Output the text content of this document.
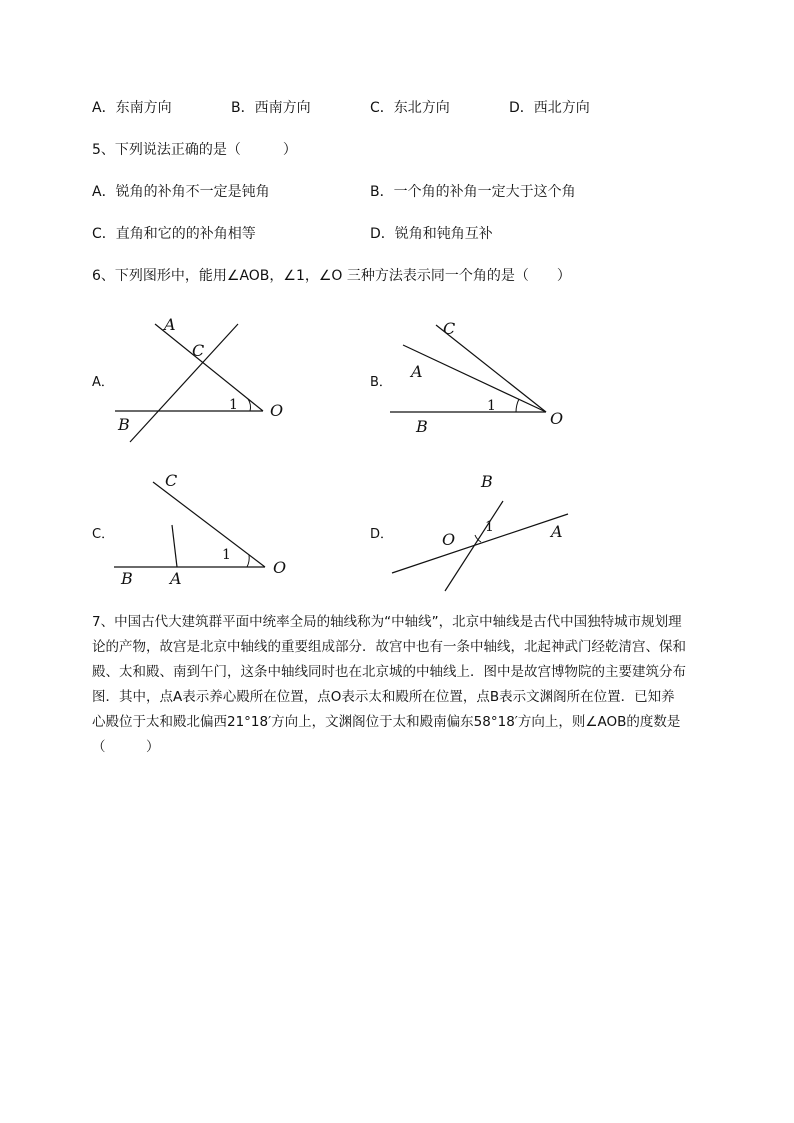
A．东南方向	B．西南方向	C．东北方向	D．西北方向
5、下列说法正确的是（　　　）
A．锐角的补角不一定是钝角	B．一个角的补角一定大于这个角
C．直角和它的的补角相等	D．锐角和钝角互补
6、下列图形中，能用∠AOB，∠1，∠O 三种方法表示同一个角的是（　　）
A．
A
C
B
O
1
B．
C
A
B	O
1
C．
C
B A
O
1
D．
B
O	A
1
7、中国古代大建筑群平面中统率全局的轴线称为“中轴线”，北京中轴线是古代中国独特城市规划理
论的产物，故宫是北京中轴线的重要组成部分．故宫中也有一条中轴线，北起神武门经乾清宫、保和
殿、太和殿、南到午门，这条中轴线同时也在北京城的中轴线上．图中是故宫博物院的主要建筑分布
图．其中，点A表示养心殿所在位置，点O表示太和殿所在位置，点B表示文渊阁所在位置．已知养
心殿位于太和殿北偏西21°18′方向上，文渊阁位于太和殿南偏东58°18′方向上，则∠AOB的度数是
（　　　）
